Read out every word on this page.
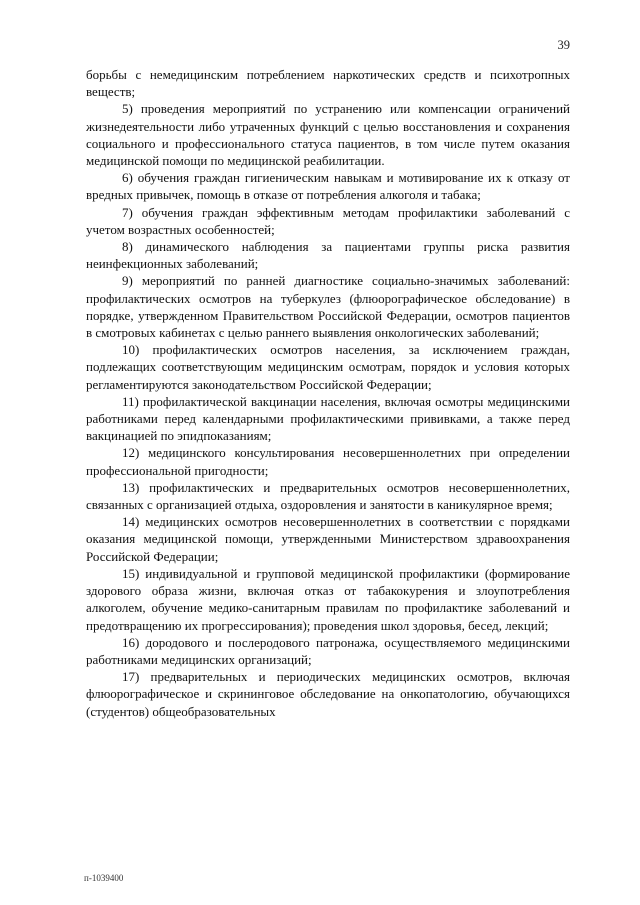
39

борьбы с немедицинским потреблением наркотических средств и психотропных веществ;

5) проведения мероприятий по устранению или компенсации ограничений жизнедеятельности либо утраченных функций с целью восстановления и сохранения социального и профессионального статуса пациентов, в том числе путем оказания медицинской помощи по медицинской реабилитации.

6) обучения граждан гигиеническим навыкам и мотивирование их к отказу от вредных привычек, помощь в отказе от потребления алкоголя и табака;

7) обучения граждан эффективным методам профилактики заболеваний с учетом возрастных особенностей;

8) динамического наблюдения за пациентами группы риска развития неинфекционных заболеваний;

9) мероприятий по ранней диагностике социально-значимых заболеваний: профилактических осмотров на туберкулез (флюорографическое обследование) в порядке, утвержденном Правительством Российской Федерации, осмотров пациентов в смотровых кабинетах с целью раннего выявления онкологических заболеваний;

10) профилактических осмотров населения, за исключением граждан, подлежащих соответствующим медицинским осмотрам, порядок и условия которых регламентируются законодательством Российской Федерации;

11) профилактической вакцинации населения, включая осмотры медицинскими работниками перед календарными профилактическими прививками, а также перед вакцинацией по эпидпоказаниям;

12) медицинского консультирования несовершеннолетних при определении профессиональной пригодности;

13) профилактических и предварительных осмотров несовершеннолетних, связанных с организацией отдыха, оздоровления и занятости в каникулярное время;

14) медицинских осмотров несовершеннолетних в соответствии с порядками оказания медицинской помощи, утвержденными Министерством здравоохранения Российской Федерации;

15) индивидуальной и групповой медицинской профилактики (формирование здорового образа жизни, включая отказ от табакокурения и злоупотребления алкоголем, обучение медико-санитарным правилам по профилактике заболеваний и предотвращению их прогрессирования); проведения школ здоровья, бесед, лекций;

16) дородового и послеродового патронажа, осуществляемого медицинскими работниками медицинских организаций;

17) предварительных и периодических медицинских осмотров, включая флюорографическое и скрининговое обследование на онкопатологию, обучающихся (студентов) общеобразовательных

п-1039400
